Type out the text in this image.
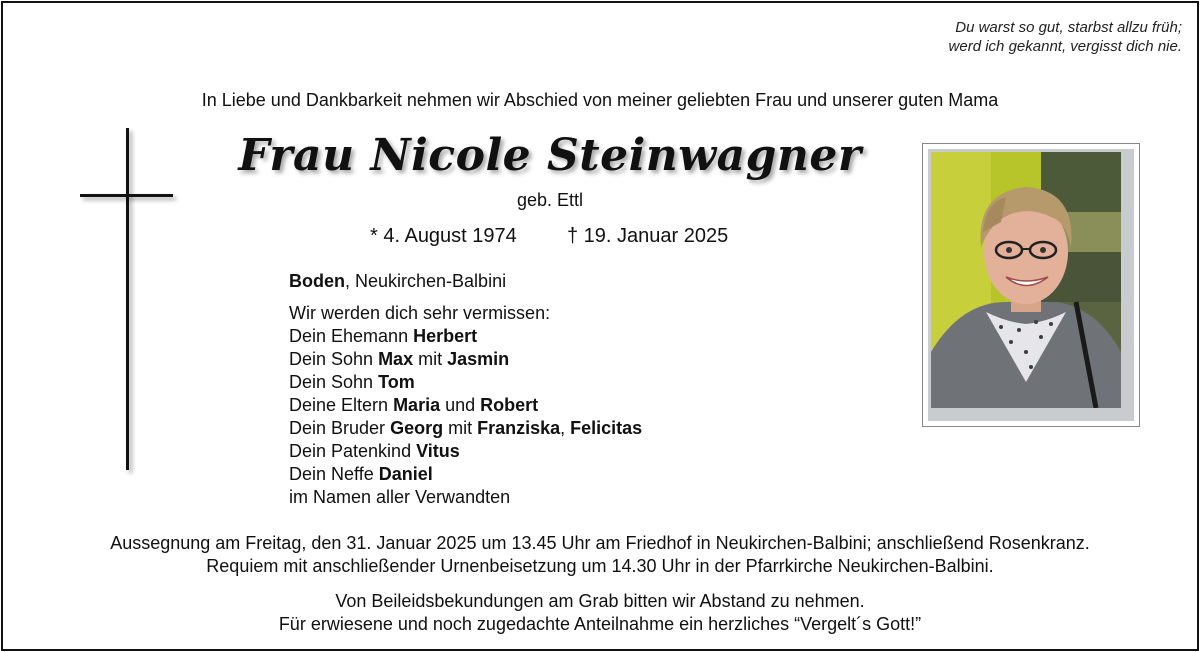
Du warst so gut, starbst allzu früh;
werd ich gekannt, vergisst dich nie.
In Liebe und Dankbarkeit nehmen wir Abschied von meiner geliebten Frau und unserer guten Mama
Frau Nicole Steinwagner
geb. Ettl
* 4. August 1974	† 19. Januar 2025
Boden, Neukirchen-Balbini
Wir werden dich sehr vermissen:
Dein Ehemann Herbert
Dein Sohn Max mit Jasmin
Dein Sohn Tom
Deine Eltern Maria und Robert
Dein Bruder Georg mit Franziska, Felicitas
Dein Patenkind Vitus
Dein Neffe Daniel
im Namen aller Verwandten
Aussegnung am Freitag, den 31. Januar 2025 um 13.45 Uhr am Friedhof in Neukirchen-Balbini; anschließend Rosenkranz.
Requiem mit anschließender Urnenbeisetzung um 14.30 Uhr in der Pfarrkirche Neukirchen-Balbini.
Von Beileidsbekundungen am Grab bitten wir Abstand zu nehmen.
Für erwiesene und noch zugedachte Anteilnahme ein herzliches “Vergelt´s Gott!”
